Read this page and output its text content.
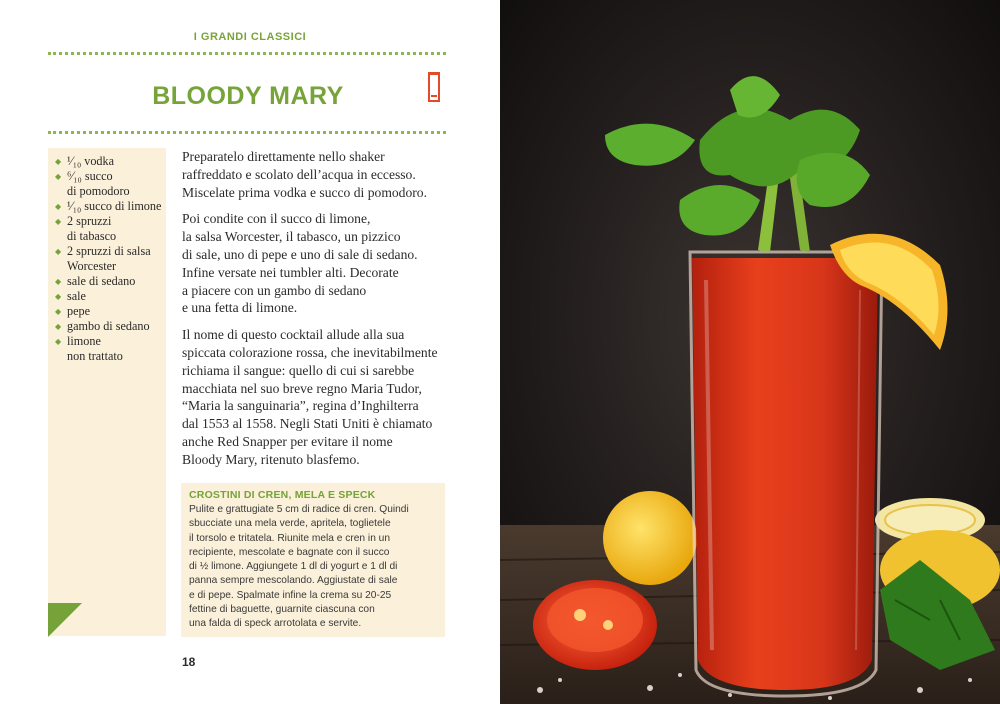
I GRANDI CLASSICI
BLOODY MARY
◆ ¹⁄₁₀ vodka
◆ ⁶⁄₁₀ succo
di pomodoro
◆ ¹⁄₁₀ succo di limone
◆ 2 spruzzi
di tabasco
◆ 2 spruzzi di salsa
Worcester
◆ sale di sedano
◆ sale
◆ pepe
◆ gambo di sedano
◆ limone
non trattato

Preparatelo direttamente nello shaker
raffreddato e scolato dell’acqua in eccesso.
Miscelate prima vodka e succo di pomodoro.

Poi condite con il succo di limone,
la salsa Worcester, il tabasco, un pizzico
di sale, uno di pepe e uno di sale di sedano.
Infine versate nei tumbler alti. Decorate
a piacere con un gambo di sedano
e una fetta di limone.

Il nome di questo cocktail allude alla sua
spiccata colorazione rossa, che inevitabilmente
richiama il sangue: quello di cui si sarebbe
macchiata nel suo breve regno Maria Tudor,
“Maria la sanguinaria”, regina d’Inghilterra
dal 1553 al 1558. Negli Stati Uniti è chiamato
anche Red Snapper per evitare il nome
Bloody Mary, ritenuto blasfemo.

CROSTINI DI CREN, MELA E SPECK
Pulite e grattugiate 5 cm di radice di cren. Quindi
sbucciate una mela verde, apritela, toglietele
il torsolo e tritatela. Riunite mela e cren in un
recipiente, mescolate e bagnate con il succo
di ½ limone. Aggiungete 1 dl di yogurt e 1 dl di
panna sempre mescolando. Aggiustate di sale
e di pepe. Spalmate infine la crema su 20-25
fettine di baguette, guarnite ciascuna con
una falda di speck arrotolata e servite.
18
